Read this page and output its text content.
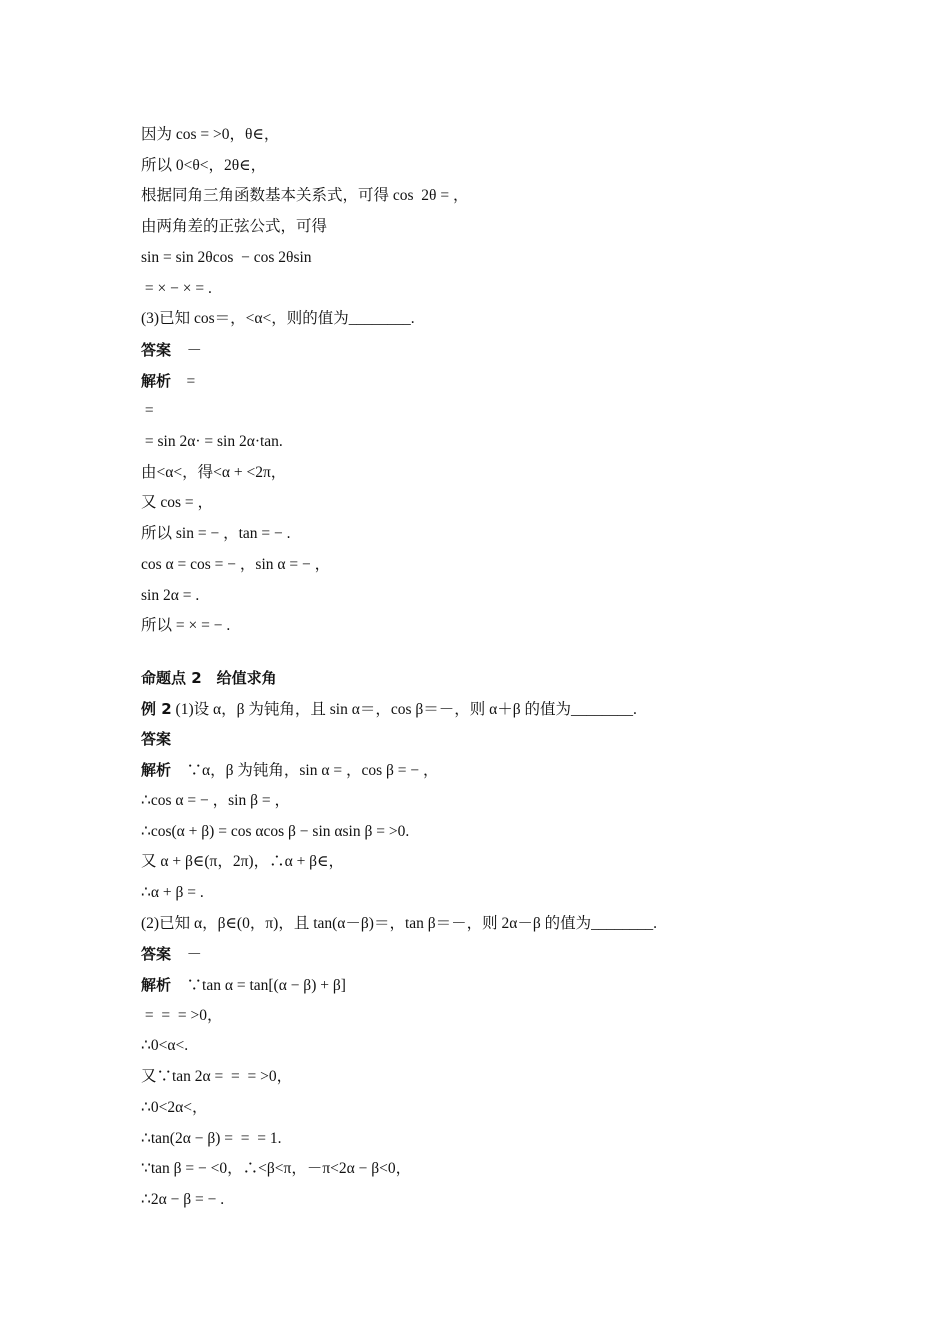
因为 cos = >0，θ∈，
所以 0<θ<，2θ∈，
根据同角三角函数基本关系式，可得 cos  2θ = ，
由两角差的正弦公式，可得
sin = sin 2θcos  − cos 2θsin
= × − × = .
(3)已知 cos＝，<α<，则的值为________.
答案　－
解析　=
=
= sin 2α· = sin 2α·tan.
由<α<，得<α + <2π，
又 cos = ，
所以 sin = − ，tan = − .
cos α = cos = − ，sin α = − ，
sin 2α = .
所以 = × = − .
命题点 2　给值求角
例 2 (1)设 α，β 为钝角，且 sin α＝，cos β＝－，则 α＋β 的值为________.
答案
解析　∵α，β 为钝角，sin α = ，cos β = − ，
∴cos α = − ，sin β = ，
∴cos(α + β) = cos αcos β − sin αsin β = >0.
又 α + β∈(π，2π)，∴α + β∈，
∴α + β = .
(2)已知 α，β∈(0，π)，且 tan(α－β)＝，tan β＝－，则 2α－β 的值为________.
答案　－
解析　∵tan α = tan[(α − β) + β]
=  =  = >0，
∴0<α<.
又∵tan 2α =  =  = >0，
∴0<2α<，
∴tan(2α − β) =  =  = 1.
∵tan β = − <0，∴<β<π，－π<2α − β<0，
∴2α − β = − .
